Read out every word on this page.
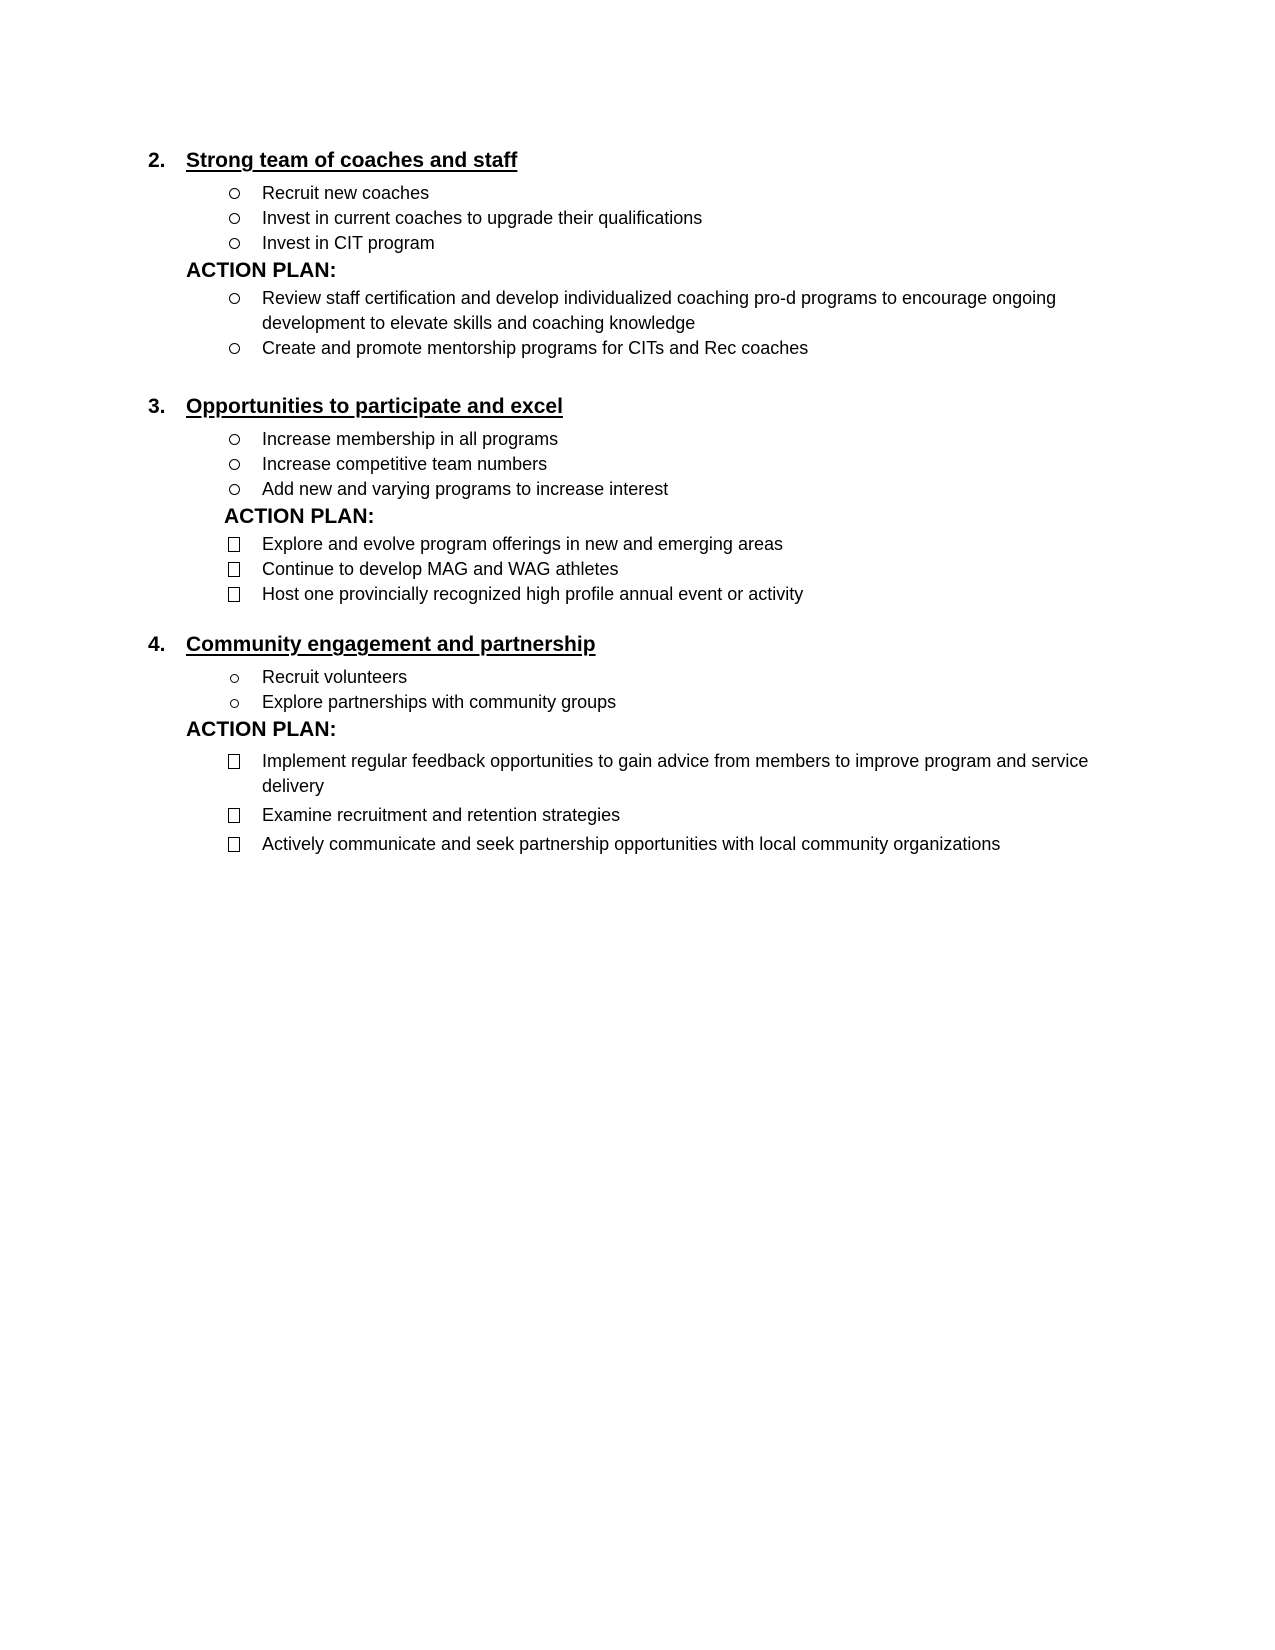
2. Strong team of coaches and staff
Recruit new coaches
Invest in current coaches to upgrade their qualifications
Invest in CIT program
ACTION PLAN:
Review staff certification and develop individualized coaching pro-d programs to encourage ongoing development to elevate skills and coaching knowledge
Create and promote mentorship programs for CITs and Rec coaches
3. Opportunities to participate and excel
Increase membership in all programs
Increase competitive team numbers
Add new and varying programs to increase interest
ACTION PLAN:
Explore and evolve program offerings in new and emerging areas
Continue to develop MAG and WAG athletes
Host one provincially recognized high profile annual event or activity
4. Community engagement and partnership
Recruit volunteers
Explore partnerships with community groups
ACTION PLAN:
Implement regular feedback opportunities to gain advice from members to improve program and service delivery
Examine recruitment and retention strategies
Actively communicate and seek partnership opportunities with local community organizations
